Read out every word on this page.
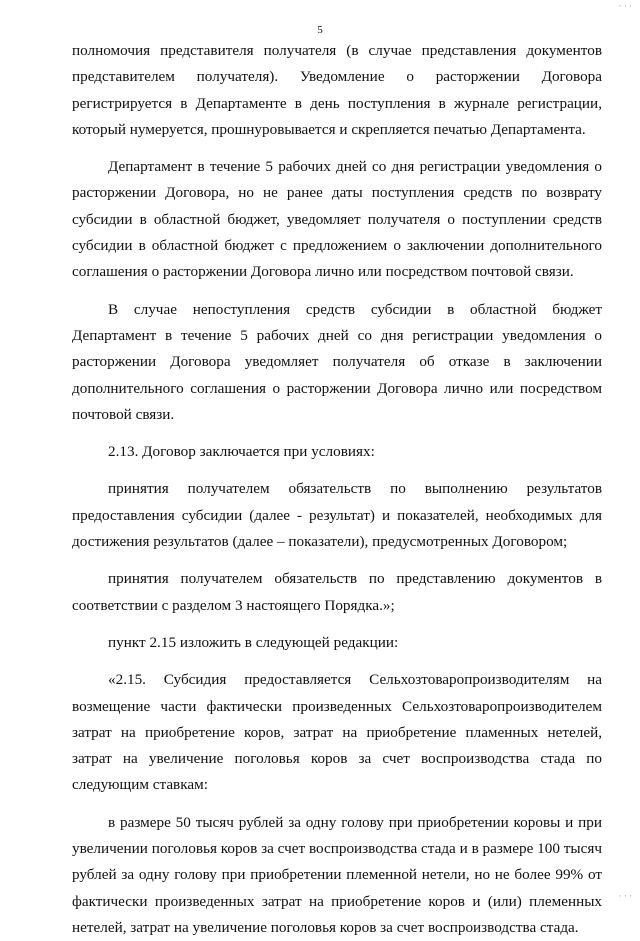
5

полномочия представителя получателя (в случае представления документов представителем получателя). Уведомление о расторжении Договора регистрируется в Департаменте в день поступления в журнале регистрации, который нумеруется, прошнуровывается и скрепляется печатью Департамента.

Департамент в течение 5 рабочих дней со дня регистрации уведомления о расторжении Договора, но не ранее даты поступления средств по возврату субсидии в областной бюджет, уведомляет получателя о поступлении средств субсидии в областной бюджет с предложением о заключении дополнительного соглашения о расторжении Договора лично или посредством почтовой связи.

В случае непоступления средств субсидии в областной бюджет Департамент в течение 5 рабочих дней со дня регистрации уведомления о расторжении Договора уведомляет получателя об отказе в заключении дополнительного соглашения о расторжении Договора лично или посредством почтовой связи.

2.13. Договор заключается при условиях:

принятия получателем обязательств по выполнению результатов предоставления субсидии (далее - результат) и показателей, необходимых для достижения результатов (далее – показатели), предусмотренных Договором;

принятия получателем обязательств по представлению документов в соответствии с разделом 3 настоящего Порядка.»;

пункт 2.15 изложить в следующей редакции:

«2.15. Субсидия предоставляется Сельхозтоваропроизводителям на возмещение части фактически произведенных Сельхозтоваропроизводителем затрат на приобретение коров, затрат на приобретение пламенных нетелей, затрат на увеличение поголовья коров за счет воспроизводства стада по следующим ставкам:

в размере 50 тысяч рублей за одну голову при приобретении коровы и при увеличении поголовья коров за счет воспроизводства стада и в размере 100 тысяч рублей за одну голову при приобретении племенной нетели, но не более 99% от фактически произведенных затрат на приобретение коров и (или) племенных нетелей, затрат на увеличение поголовья коров за счет воспроизводства стада.

· · ·
· · ·
